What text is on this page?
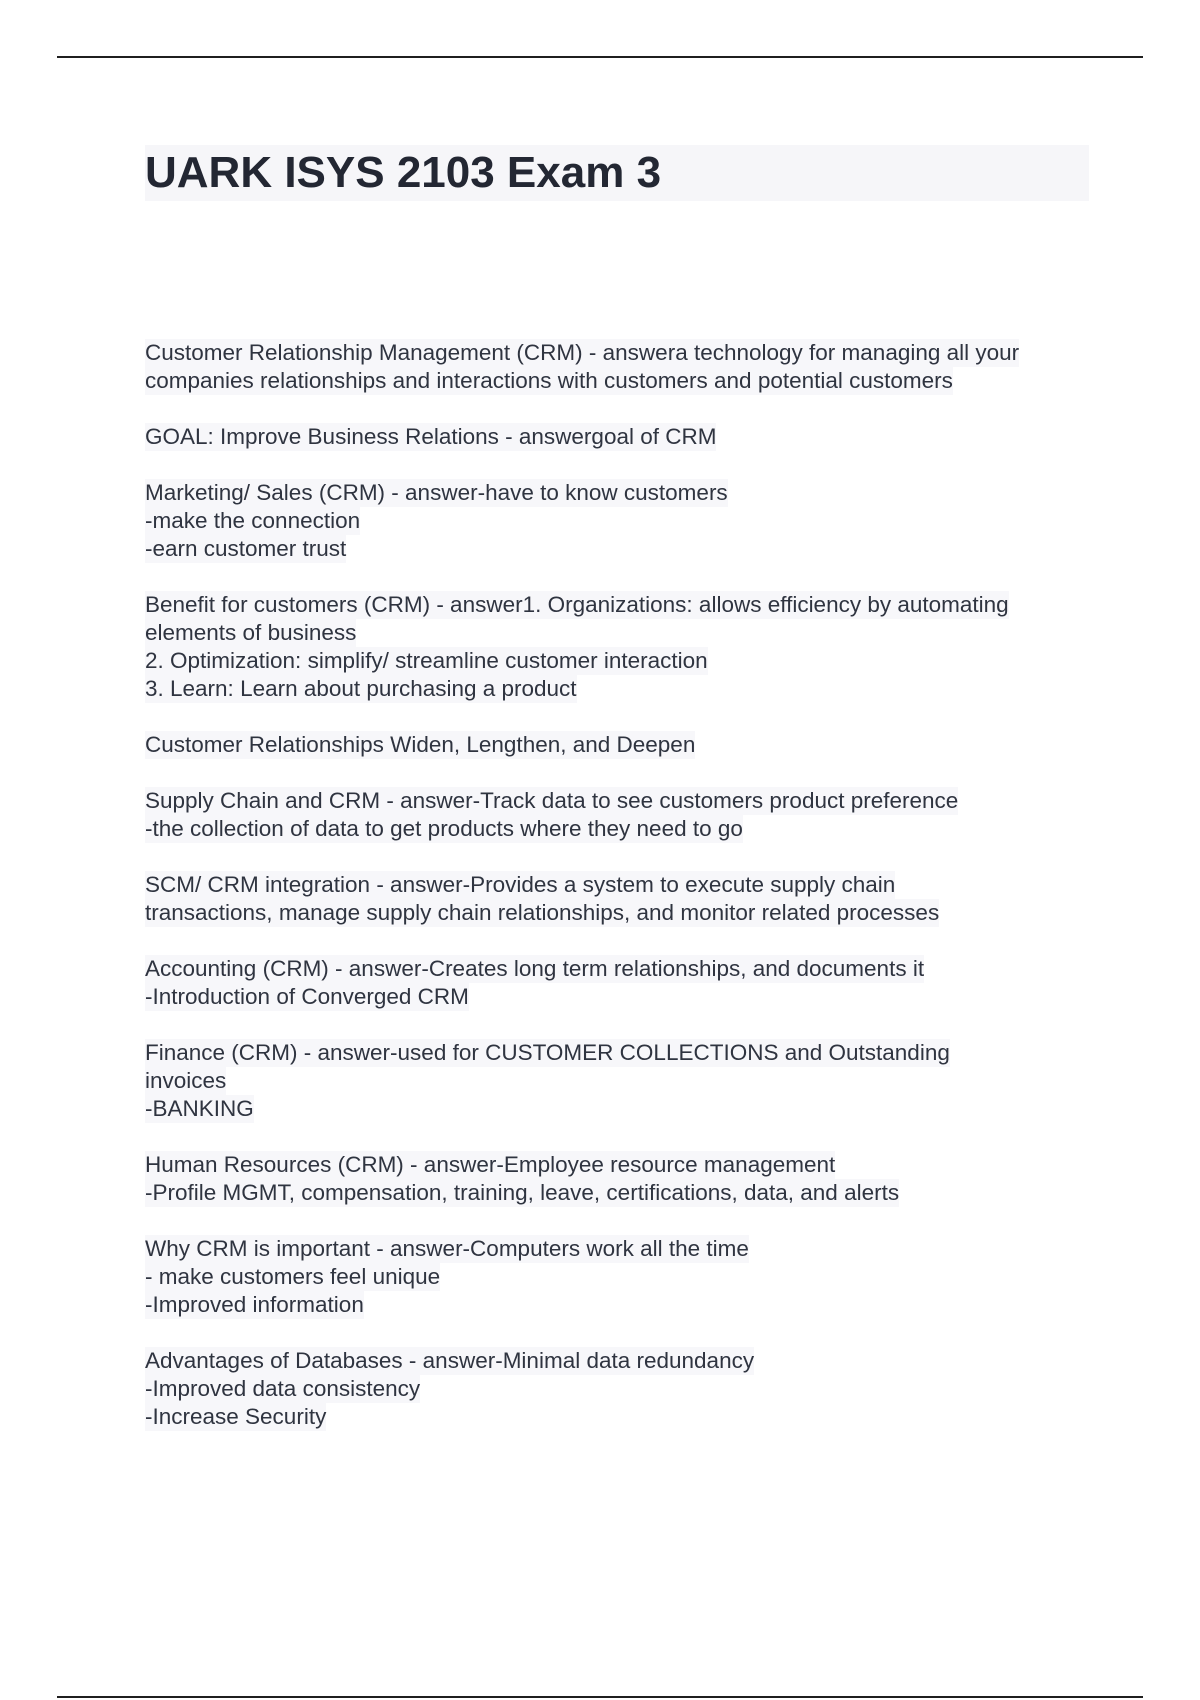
UARK ISYS 2103 Exam 3
Customer Relationship Management (CRM) - answera technology for managing all your
companies relationships and interactions with customers and potential customers
GOAL: Improve Business Relations - answergoal of CRM
Marketing/ Sales (CRM) - answer-have to know customers
-make the connection
-earn customer trust
Benefit for customers (CRM) - answer1. Organizations: allows efficiency by automating
elements of business
2. Optimization: simplify/ streamline customer interaction
3. Learn: Learn about purchasing a product
Customer Relationships Widen, Lengthen, and Deepen
Supply Chain and CRM - answer-Track data to see customers product preference
-the collection of data to get products where they need to go
SCM/ CRM integration - answer-Provides a system to execute supply chain
transactions, manage supply chain relationships, and monitor related processes
Accounting (CRM) - answer-Creates long term relationships, and documents it
-Introduction of Converged CRM
Finance (CRM) - answer-used for CUSTOMER COLLECTIONS and Outstanding
invoices
-BANKING
Human Resources (CRM) - answer-Employee resource management
-Profile MGMT, compensation, training, leave, certifications, data, and alerts
Why CRM is important - answer-Computers work all the time
- make customers feel unique
-Improved information
Advantages of Databases - answer-Minimal data redundancy
-Improved data consistency
-Increase Security
